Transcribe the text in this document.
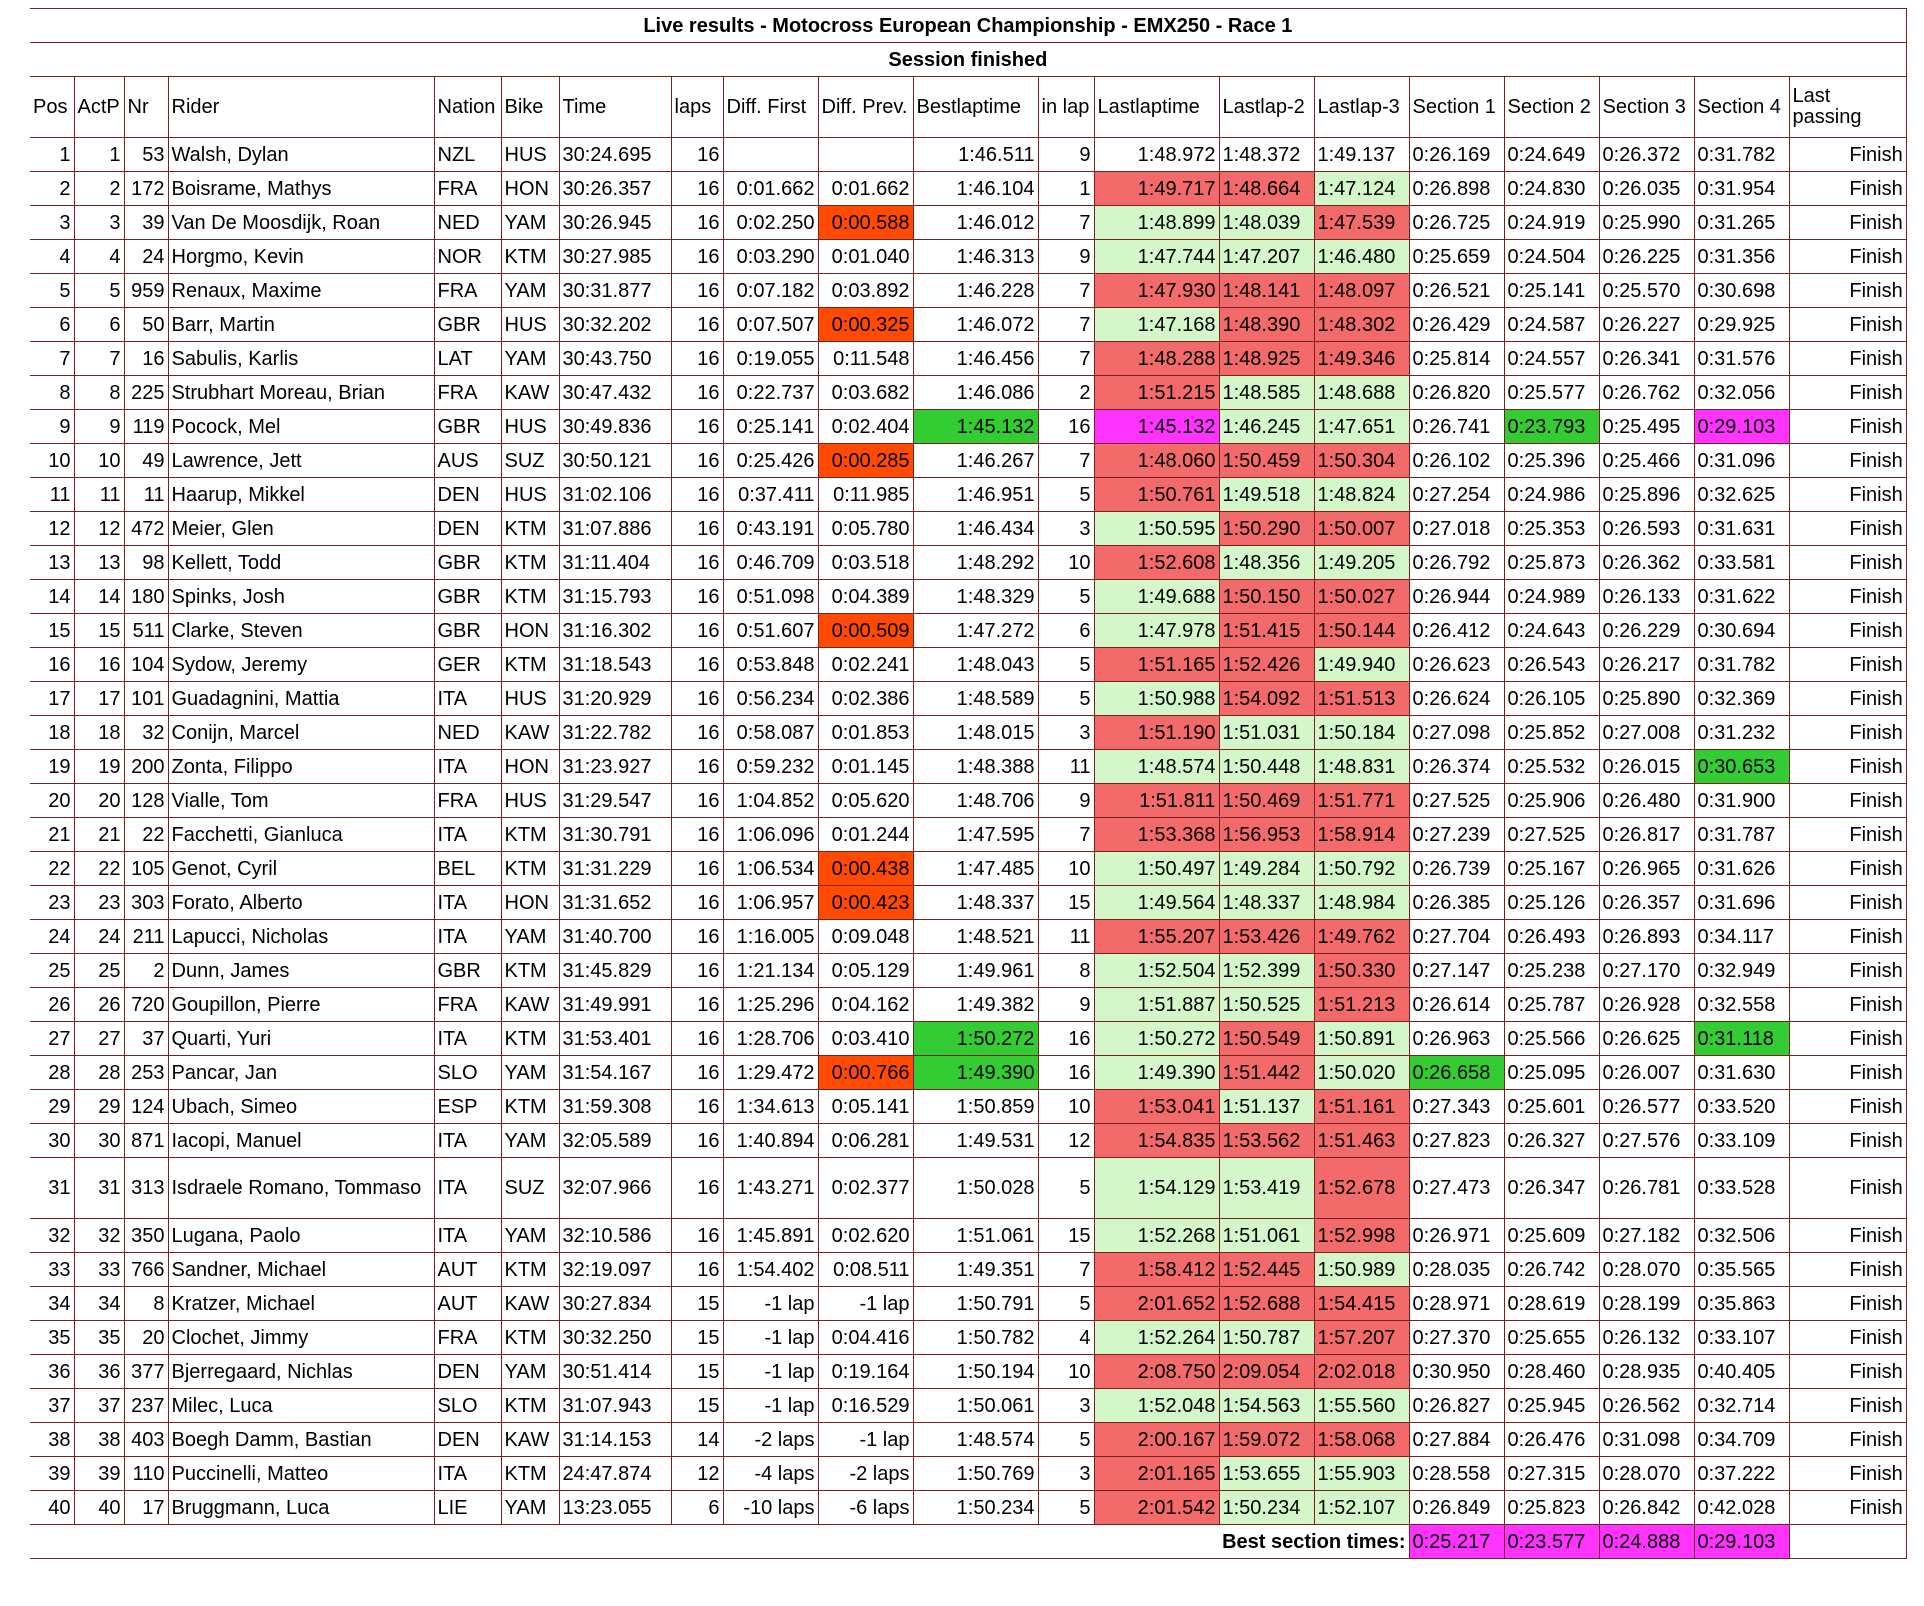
Live results - Motocross European Championship - EMX250 - Race 1																			
Session finished																			
Pos	ActP	Nr	Rider	Nation	Bike	Time	laps	Diff. First	Diff. Prev.	Bestlaptime	in lap	Lastlaptime	Lastlap-2	Lastlap-3	Section 1	Section 2	Section 3	Section 4	Last passing
1	1	53	Walsh, Dylan	NZL	HUS	30:24.695	16			1:46.511	9	1:48.972	1:48.372	1:49.137	0:26.169	0:24.649	0:26.372	0:31.782	Finish
2	2	172	Boisrame, Mathys	FRA	HON	30:26.357	16	0:01.662	0:01.662	1:46.104	1	1:49.717	1:48.664	1:47.124	0:26.898	0:24.830	0:26.035	0:31.954	Finish
3	3	39	Van De Moosdijk, Roan	NED	YAM	30:26.945	16	0:02.250	0:00.588	1:46.012	7	1:48.899	1:48.039	1:47.539	0:26.725	0:24.919	0:25.990	0:31.265	Finish
4	4	24	Horgmo, Kevin	NOR	KTM	30:27.985	16	0:03.290	0:01.040	1:46.313	9	1:47.744	1:47.207	1:46.480	0:25.659	0:24.504	0:26.225	0:31.356	Finish
5	5	959	Renaux, Maxime	FRA	YAM	30:31.877	16	0:07.182	0:03.892	1:46.228	7	1:47.930	1:48.141	1:48.097	0:26.521	0:25.141	0:25.570	0:30.698	Finish
6	6	50	Barr, Martin	GBR	HUS	30:32.202	16	0:07.507	0:00.325	1:46.072	7	1:47.168	1:48.390	1:48.302	0:26.429	0:24.587	0:26.227	0:29.925	Finish
7	7	16	Sabulis, Karlis	LAT	YAM	30:43.750	16	0:19.055	0:11.548	1:46.456	7	1:48.288	1:48.925	1:49.346	0:25.814	0:24.557	0:26.341	0:31.576	Finish
8	8	225	Strubhart Moreau, Brian	FRA	KAW	30:47.432	16	0:22.737	0:03.682	1:46.086	2	1:51.215	1:48.585	1:48.688	0:26.820	0:25.577	0:26.762	0:32.056	Finish
9	9	119	Pocock, Mel	GBR	HUS	30:49.836	16	0:25.141	0:02.404	1:45.132	16	1:45.132	1:46.245	1:47.651	0:26.741	0:23.793	0:25.495	0:29.103	Finish
10	10	49	Lawrence, Jett	AUS	SUZ	30:50.121	16	0:25.426	0:00.285	1:46.267	7	1:48.060	1:50.459	1:50.304	0:26.102	0:25.396	0:25.466	0:31.096	Finish
11	11	11	Haarup, Mikkel	DEN	HUS	31:02.106	16	0:37.411	0:11.985	1:46.951	5	1:50.761	1:49.518	1:48.824	0:27.254	0:24.986	0:25.896	0:32.625	Finish
12	12	472	Meier, Glen	DEN	KTM	31:07.886	16	0:43.191	0:05.780	1:46.434	3	1:50.595	1:50.290	1:50.007	0:27.018	0:25.353	0:26.593	0:31.631	Finish
13	13	98	Kellett, Todd	GBR	KTM	31:11.404	16	0:46.709	0:03.518	1:48.292	10	1:52.608	1:48.356	1:49.205	0:26.792	0:25.873	0:26.362	0:33.581	Finish
14	14	180	Spinks, Josh	GBR	KTM	31:15.793	16	0:51.098	0:04.389	1:48.329	5	1:49.688	1:50.150	1:50.027	0:26.944	0:24.989	0:26.133	0:31.622	Finish
15	15	511	Clarke, Steven	GBR	HON	31:16.302	16	0:51.607	0:00.509	1:47.272	6	1:47.978	1:51.415	1:50.144	0:26.412	0:24.643	0:26.229	0:30.694	Finish
16	16	104	Sydow, Jeremy	GER	KTM	31:18.543	16	0:53.848	0:02.241	1:48.043	5	1:51.165	1:52.426	1:49.940	0:26.623	0:26.543	0:26.217	0:31.782	Finish
17	17	101	Guadagnini, Mattia	ITA	HUS	31:20.929	16	0:56.234	0:02.386	1:48.589	5	1:50.988	1:54.092	1:51.513	0:26.624	0:26.105	0:25.890	0:32.369	Finish
18	18	32	Conijn, Marcel	NED	KAW	31:22.782	16	0:58.087	0:01.853	1:48.015	3	1:51.190	1:51.031	1:50.184	0:27.098	0:25.852	0:27.008	0:31.232	Finish
19	19	200	Zonta, Filippo	ITA	HON	31:23.927	16	0:59.232	0:01.145	1:48.388	11	1:48.574	1:50.448	1:48.831	0:26.374	0:25.532	0:26.015	0:30.653	Finish
20	20	128	Vialle, Tom	FRA	HUS	31:29.547	16	1:04.852	0:05.620	1:48.706	9	1:51.811	1:50.469	1:51.771	0:27.525	0:25.906	0:26.480	0:31.900	Finish
21	21	22	Facchetti, Gianluca	ITA	KTM	31:30.791	16	1:06.096	0:01.244	1:47.595	7	1:53.368	1:56.953	1:58.914	0:27.239	0:27.525	0:26.817	0:31.787	Finish
22	22	105	Genot, Cyril	BEL	KTM	31:31.229	16	1:06.534	0:00.438	1:47.485	10	1:50.497	1:49.284	1:50.792	0:26.739	0:25.167	0:26.965	0:31.626	Finish
23	23	303	Forato, Alberto	ITA	HON	31:31.652	16	1:06.957	0:00.423	1:48.337	15	1:49.564	1:48.337	1:48.984	0:26.385	0:25.126	0:26.357	0:31.696	Finish
24	24	211	Lapucci, Nicholas	ITA	YAM	31:40.700	16	1:16.005	0:09.048	1:48.521	11	1:55.207	1:53.426	1:49.762	0:27.704	0:26.493	0:26.893	0:34.117	Finish
25	25	2	Dunn, James	GBR	KTM	31:45.829	16	1:21.134	0:05.129	1:49.961	8	1:52.504	1:52.399	1:50.330	0:27.147	0:25.238	0:27.170	0:32.949	Finish
26	26	720	Goupillon, Pierre	FRA	KAW	31:49.991	16	1:25.296	0:04.162	1:49.382	9	1:51.887	1:50.525	1:51.213	0:26.614	0:25.787	0:26.928	0:32.558	Finish
27	27	37	Quarti, Yuri	ITA	KTM	31:53.401	16	1:28.706	0:03.410	1:50.272	16	1:50.272	1:50.549	1:50.891	0:26.963	0:25.566	0:26.625	0:31.118	Finish
28	28	253	Pancar, Jan	SLO	YAM	31:54.167	16	1:29.472	0:00.766	1:49.390	16	1:49.390	1:51.442	1:50.020	0:26.658	0:25.095	0:26.007	0:31.630	Finish
29	29	124	Ubach, Simeo	ESP	KTM	31:59.308	16	1:34.613	0:05.141	1:50.859	10	1:53.041	1:51.137	1:51.161	0:27.343	0:25.601	0:26.577	0:33.520	Finish
30	30	871	Iacopi, Manuel	ITA	YAM	32:05.589	16	1:40.894	0:06.281	1:49.531	12	1:54.835	1:53.562	1:51.463	0:27.823	0:26.327	0:27.576	0:33.109	Finish
31	31	313	Isdraele Romano, Tommaso	ITA	SUZ	32:07.966	16	1:43.271	0:02.377	1:50.028	5	1:54.129	1:53.419	1:52.678	0:27.473	0:26.347	0:26.781	0:33.528	Finish
32	32	350	Lugana, Paolo	ITA	YAM	32:10.586	16	1:45.891	0:02.620	1:51.061	15	1:52.268	1:51.061	1:52.998	0:26.971	0:25.609	0:27.182	0:32.506	Finish
33	33	766	Sandner, Michael	AUT	KTM	32:19.097	16	1:54.402	0:08.511	1:49.351	7	1:58.412	1:52.445	1:50.989	0:28.035	0:26.742	0:28.070	0:35.565	Finish
34	34	8	Kratzer, Michael	AUT	KAW	30:27.834	15	-1 lap	-1 lap	1:50.791	5	2:01.652	1:52.688	1:54.415	0:28.971	0:28.619	0:28.199	0:35.863	Finish
35	35	20	Clochet, Jimmy	FRA	KTM	30:32.250	15	-1 lap	0:04.416	1:50.782	4	1:52.264	1:50.787	1:57.207	0:27.370	0:25.655	0:26.132	0:33.107	Finish
36	36	377	Bjerregaard, Nichlas	DEN	YAM	30:51.414	15	-1 lap	0:19.164	1:50.194	10	2:08.750	2:09.054	2:02.018	0:30.950	0:28.460	0:28.935	0:40.405	Finish
37	37	237	Milec, Luca	SLO	KTM	31:07.943	15	-1 lap	0:16.529	1:50.061	3	1:52.048	1:54.563	1:55.560	0:26.827	0:25.945	0:26.562	0:32.714	Finish
38	38	403	Boegh Damm, Bastian	DEN	KAW	31:14.153	14	-2 laps	-1 lap	1:48.574	5	2:00.167	1:59.072	1:58.068	0:27.884	0:26.476	0:31.098	0:34.709	Finish
39	39	110	Puccinelli, Matteo	ITA	KTM	24:47.874	12	-4 laps	-2 laps	1:50.769	3	2:01.165	1:53.655	1:55.903	0:28.558	0:27.315	0:28.070	0:37.222	Finish
40	40	17	Bruggmann, Luca	LIE	YAM	13:23.055	6	-10 laps	-6 laps	1:50.234	5	2:01.542	1:50.234	1:52.107	0:26.849	0:25.823	0:26.842	0:42.028	Finish
Best section times:															0:25.217	0:23.577	0:24.888	0:29.103	
